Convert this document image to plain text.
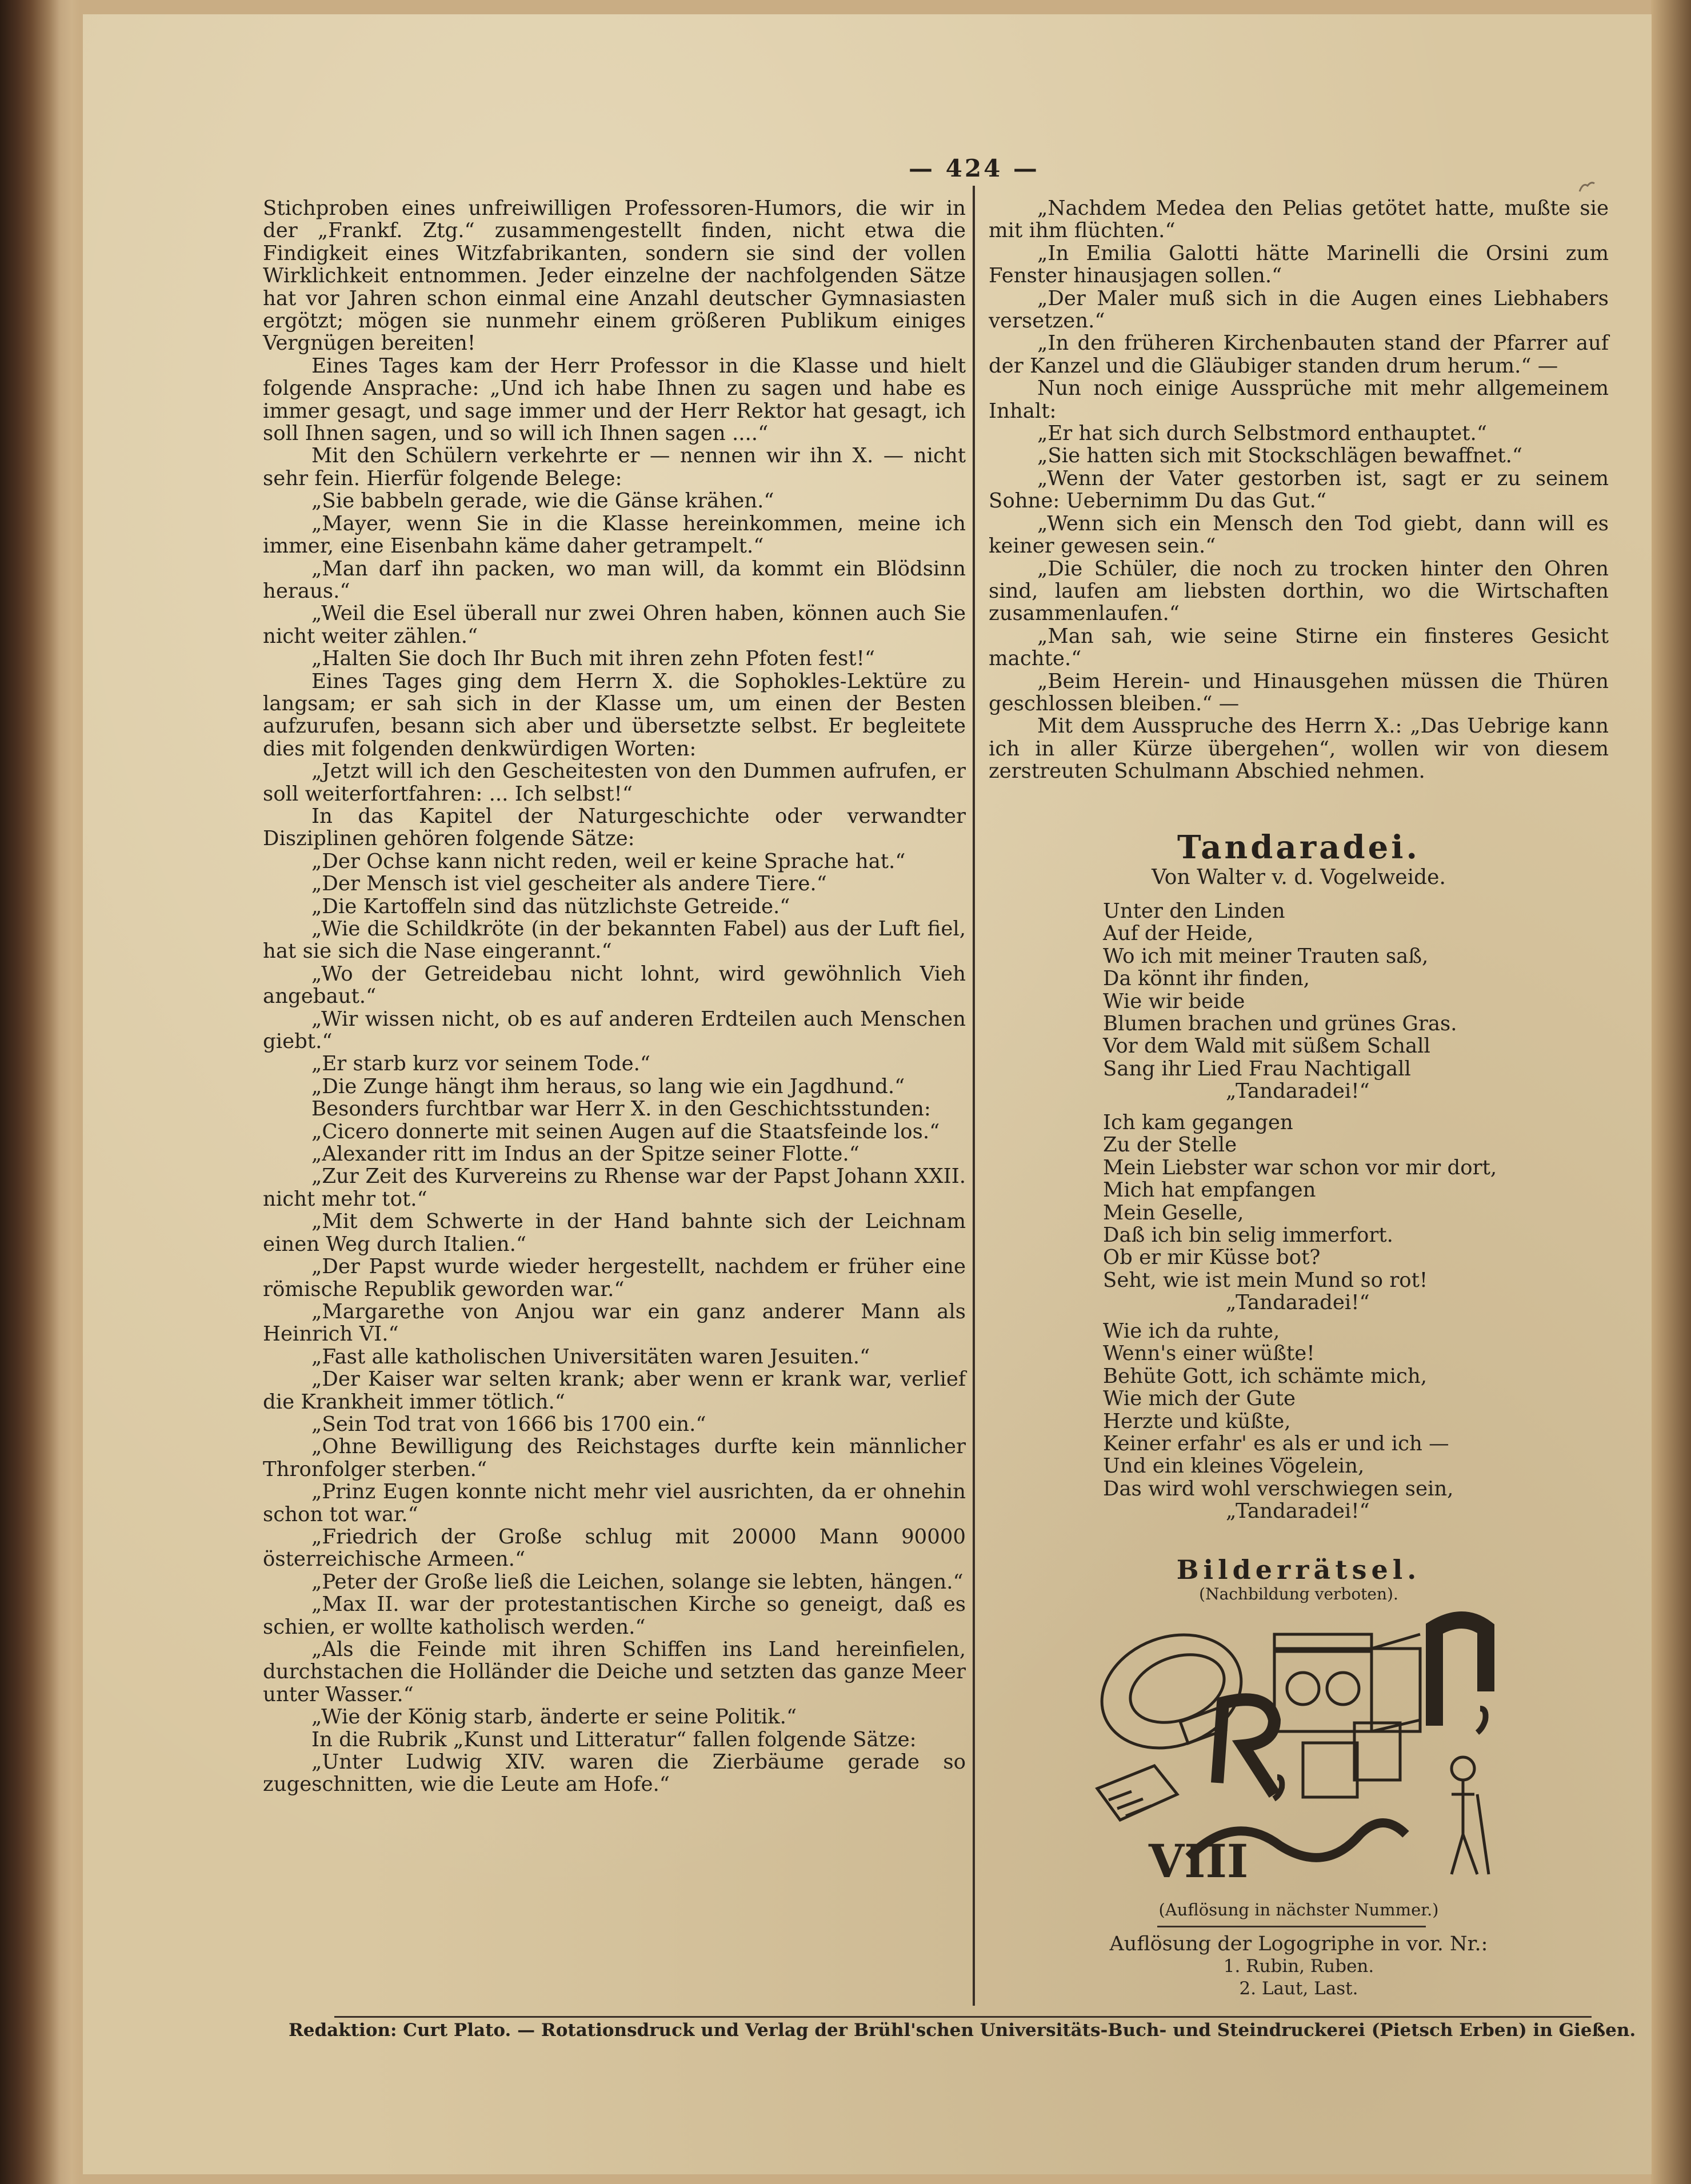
— 424 —

Stichproben eines unfreiwilligen Professoren-Humors, die wir in der „Frankf. Ztg.“ zusammengestellt finden, nicht etwa die Findigkeit eines Witzfabrikanten, sondern sie sind der vollen Wirklichkeit entnommen. Jeder einzelne der nachfolgenden Sätze hat vor Jahren schon einmal eine Anzahl deutscher Gymnasiasten ergötzt; mögen sie nunmehr einem größeren Publikum einiges Vergnügen bereiten!

Eines Tages kam der Herr Professor in die Klasse und hielt folgende Ansprache: „Und ich habe Ihnen zu sagen und habe es immer gesagt, und sage immer und der Herr Rektor hat gesagt, ich soll Ihnen sagen, und so will ich Ihnen sagen ....“

Mit den Schülern verkehrte er — nennen wir ihn X. — nicht sehr fein. Hierfür folgende Belege:

„Sie babbeln gerade, wie die Gänse krähen.“

„Mayer, wenn Sie in die Klasse hereinkommen, meine ich immer, eine Eisenbahn käme daher getrampelt.“

„Man darf ihn packen, wo man will, da kommt ein Blödsinn heraus.“

„Weil die Esel überall nur zwei Ohren haben, können auch Sie nicht weiter zählen.“

„Halten Sie doch Ihr Buch mit ihren zehn Pfoten fest!“

Eines Tages ging dem Herrn X. die Sophokles-Lektüre zu langsam; er sah sich in der Klasse um, um einen der Besten aufzurufen, besann sich aber und übersetzte selbst. Er begleitete dies mit folgenden denkwürdigen Worten:

„Jetzt will ich den Gescheitesten von den Dummen aufrufen, er soll weiterfortfahren: ... Ich selbst!“

In das Kapitel der Naturgeschichte oder verwandter Disziplinen gehören folgende Sätze:

„Der Ochse kann nicht reden, weil er keine Sprache hat.“

„Der Mensch ist viel gescheiter als andere Tiere.“

„Die Kartoffeln sind das nützlichste Getreide.“

„Wie die Schildkröte (in der bekannten Fabel) aus der Luft fiel, hat sie sich die Nase eingerannt.“

„Wo der Getreidebau nicht lohnt, wird gewöhnlich Vieh angebaut.“

„Wir wissen nicht, ob es auf anderen Erdteilen auch Menschen giebt.“

„Er starb kurz vor seinem Tode.“

„Die Zunge hängt ihm heraus, so lang wie ein Jagdhund.“

Besonders furchtbar war Herr X. in den Geschichtsstunden:

„Cicero donnerte mit seinen Augen auf die Staatsfeinde los.“

„Alexander ritt im Indus an der Spitze seiner Flotte.“

„Zur Zeit des Kurvereins zu Rhense war der Papst Johann XXII. nicht mehr tot.“

„Mit dem Schwerte in der Hand bahnte sich der Leichnam einen Weg durch Italien.“

„Der Papst wurde wieder hergestellt, nachdem er früher eine römische Republik geworden war.“

„Margarethe von Anjou war ein ganz anderer Mann als Heinrich VI.“

„Fast alle katholischen Universitäten waren Jesuiten.“

„Der Kaiser war selten krank; aber wenn er krank war, verlief die Krankheit immer tötlich.“

„Sein Tod trat von 1666 bis 1700 ein.“

„Ohne Bewilligung des Reichstages durfte kein männlicher Thronfolger sterben.“

„Prinz Eugen konnte nicht mehr viel ausrichten, da er ohnehin schon tot war.“

„Friedrich der Große schlug mit 20000 Mann 90000 österreichische Armeen.“

„Peter der Große ließ die Leichen, solange sie lebten, hängen.“

„Max II. war der protestantischen Kirche so geneigt, daß es schien, er wollte katholisch werden.“

„Als die Feinde mit ihren Schiffen ins Land hereinfielen, durchstachen die Holländer die Deiche und setzten das ganze Meer unter Wasser.“

„Wie der König starb, änderte er seine Politik.“

In die Rubrik „Kunst und Litteratur“ fallen folgende Sätze:

„Unter Ludwig XIV. waren die Zierbäume gerade so zugeschnitten, wie die Leute am Hofe.“

„Nachdem Medea den Pelias getötet hatte, mußte sie mit ihm flüchten.“

„In Emilia Galotti hätte Marinelli die Orsini zum Fenster hinausjagen sollen.“

„Der Maler muß sich in die Augen eines Liebhabers versetzen.“

„In den früheren Kirchenbauten stand der Pfarrer auf der Kanzel und die Gläubiger standen drum herum.“ —

Nun noch einige Aussprüche mit mehr allgemeinem Inhalt:

„Er hat sich durch Selbstmord enthauptet.“

„Sie hatten sich mit Stockschlägen bewaffnet.“

„Wenn der Vater gestorben ist, sagt er zu seinem Sohne: Uebernimm Du das Gut.“

„Wenn sich ein Mensch den Tod giebt, dann will es keiner gewesen sein.“

„Die Schüler, die noch zu trocken hinter den Ohren sind, laufen am liebsten dorthin, wo die Wirtschaften zusammenlaufen.“

„Man sah, wie seine Stirne ein finsteres Gesicht machte.“

„Beim Herein- und Hinausgehen müssen die Thüren geschlossen bleiben.“ —

Mit dem Ausspruche des Herrn X.: „Das Uebrige kann ich in aller Kürze übergehen“, wollen wir von diesem zerstreuten Schulmann Abschied nehmen.

Tandaradei.
Von Walter v. d. Vogelweide.
Unter den Linden
Auf der Heide,
Wo ich mit meiner Trauten saß,
Da könnt ihr finden,
Wie wir beide
Blumen brachen und grünes Gras.
Vor dem Wald mit süßem Schall
Sang ihr Lied Frau Nachtigall
„Tandaradei!“
Ich kam gegangen
Zu der Stelle
Mein Liebster war schon vor mir dort,
Mich hat empfangen
Mein Geselle,
Daß ich bin selig immerfort.
Ob er mir Küsse bot?
Seht, wie ist mein Mund so rot!
„Tandaradei!“
Wie ich da ruhte,
Wenn's einer wüßte!
Behüte Gott, ich schämte mich,
Wie mich der Gute
Herzte und küßte,
Keiner erfahr' es als er und ich —
Und ein kleines Vögelein,
Das wird wohl verschwiegen sein,
„Tandaradei!“
Bilderrätsel.
(Nachbildung verboten).
VIII
(Auflösung in nächster Nummer.)
Auflösung der Logogriphe in vor. Nr.:
1. Rubin, Ruben.
2. Laut, Last.
Redaktion: Curt Plato. — Rotationsdruck und Verlag der Brühl'schen Universitäts-Buch- und Steindruckerei (Pietsch Erben) in Gießen.
